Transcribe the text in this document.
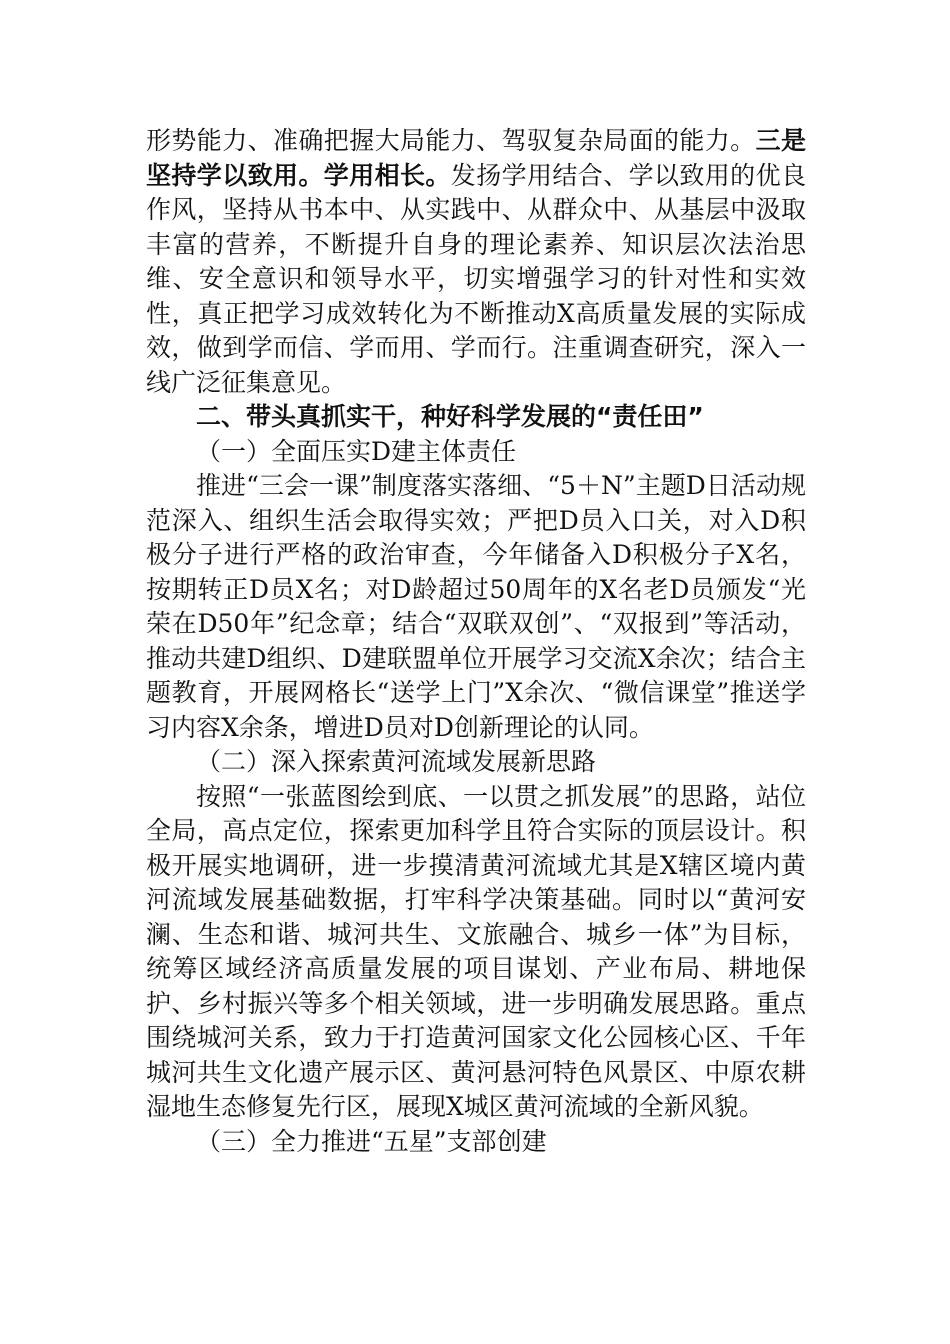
形势能力、准确把握大局能力、驾驭复杂局面的能力。三是坚持学以致用。学用相长。发扬学用结合、学以致用的优良作风，坚持从书本中、从实践中、从群众中、从基层中汲取丰富的营养，不断提升自身的理论素养、知识层次法治思维、安全意识和领导水平，切实增强学习的针对性和实效性，真正把学习成效转化为不断推动X高质量发展的实际成效，做到学而信、学而用、学而行。注重调查研究，深入一线广泛征集意见。

二、带头真抓实干，种好科学发展的“责任田”

（一）全面压实D建主体责任

推进“三会一课”制度落实落细、“5＋N”主题D日活动规范深入、组织生活会取得实效；严把D员入口关，对入D积极分子进行严格的政治审查，今年储备入D积极分子X名，按期转正D员X名；对D龄超过50周年的X名老D员颁发“光荣在D50年”纪念章；结合“双联双创”、“双报到”等活动，推动共建D组织、D建联盟单位开展学习交流X余次；结合主题教育，开展网格长“送学上门”X余次、“微信课堂”推送学习内容X余条，增进D员对D创新理论的认同。

（二）深入探索黄河流域发展新思路

按照“一张蓝图绘到底、一以贯之抓发展”的思路，站位全局，高点定位，探索更加科学且符合实际的顶层设计。积极开展实地调研，进一步摸清黄河流域尤其是X辖区境内黄河流域发展基础数据，打牢科学决策基础。同时以“黄河安澜、生态和谐、城河共生、文旅融合、城乡一体”为目标，统筹区域经济高质量发展的项目谋划、产业布局、耕地保护、乡村振兴等多个相关领域，进一步明确发展思路。重点围绕城河关系，致力于打造黄河国家文化公园核心区、千年城河共生文化遗产展示区、黄河悬河特色风景区、中原农耕湿地生态修复先行区，展现X城区黄河流域的全新风貌。

（三）全力推进“五星”支部创建
